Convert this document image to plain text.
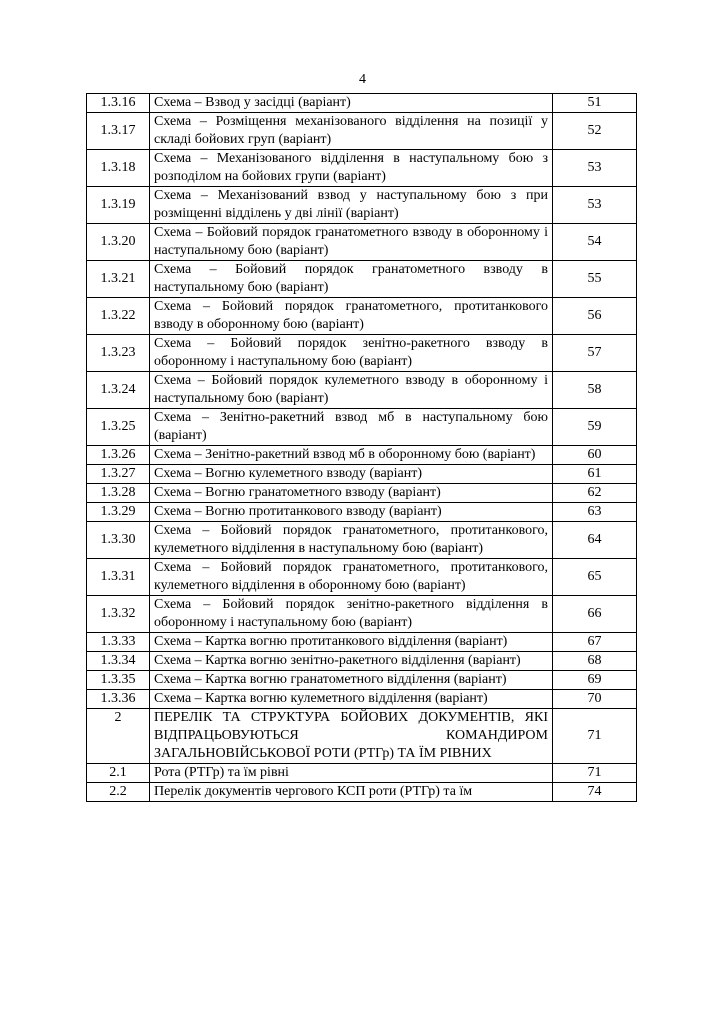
4
1.3.16	Схема – Взвод у засідці (варіант)	51
1.3.17	Схема – Розміщення механізованого відділення на позиції у складі бойових груп (варіант)	52
1.3.18	Схема – Механізованого відділення в наступальному бою з розподілом на бойових групи (варіант)	53
1.3.19	Схема – Механізований взвод у наступальному бою з при розміщенні відділень у дві лінії (варіант)	53
1.3.20	Схема – Бойовий порядок гранатометного взводу в оборонному і наступальному бою (варіант)	54
1.3.21	Схема – Бойовий порядок гранатометного взводу в наступальному бою (варіант)	55
1.3.22	Схема – Бойовий порядок гранатометного, протитанкового взводу в оборонному бою (варіант)	56
1.3.23	Схема – Бойовий порядок зенітно-ракетного взводу в оборонному і наступальному бою (варіант)	57
1.3.24	Схема – Бойовий порядок кулеметного взводу в оборонному і наступальному бою (варіант)	58
1.3.25	Схема – Зенітно-ракетний взвод мб в наступальному бою (варіант)	59
1.3.26	Схема – Зенітно-ракетний взвод мб в оборонному бою (варіант)	60
1.3.27	Схема – Вогню кулеметного взводу (варіант)	61
1.3.28	Схема – Вогню гранатометного взводу (варіант)	62
1.3.29	Схема – Вогню протитанкового взводу (варіант)	63
1.3.30	Схема – Бойовий порядок гранатометного, протитанкового, кулеметного відділення в наступальному бою (варіант)	64
1.3.31	Схема – Бойовий порядок гранатометного, протитанкового, кулеметного відділення в оборонному бою (варіант)	65
1.3.32	Схема – Бойовий порядок зенітно-ракетного відділення в оборонному і наступальному бою (варіант)	66
1.3.33	Схема – Картка вогню протитанкового відділення (варіант)	67
1.3.34	Схема – Картка вогню зенітно-ракетного відділення (варіант)	68
1.3.35	Схема – Картка вогню гранатометного відділення (варіант)	69
1.3.36	Схема – Картка вогню кулеметного відділення (варіант)	70
2	ПЕРЕЛІК ТА СТРУКТУРА БОЙОВИХ ДОКУМЕНТІВ, ЯКІ ВІДПРАЦЬОВУЮТЬСЯ КОМАНДИРОМ ЗАГАЛЬНОВІЙСЬКОВОЇ РОТИ (РТГр) ТА ЇМ РІВНИХ	71
2.1	Рота (РТГр) та їм рівні	71
2.2	Перелік документів чергового КСП роти (РТГр) та їм	74
